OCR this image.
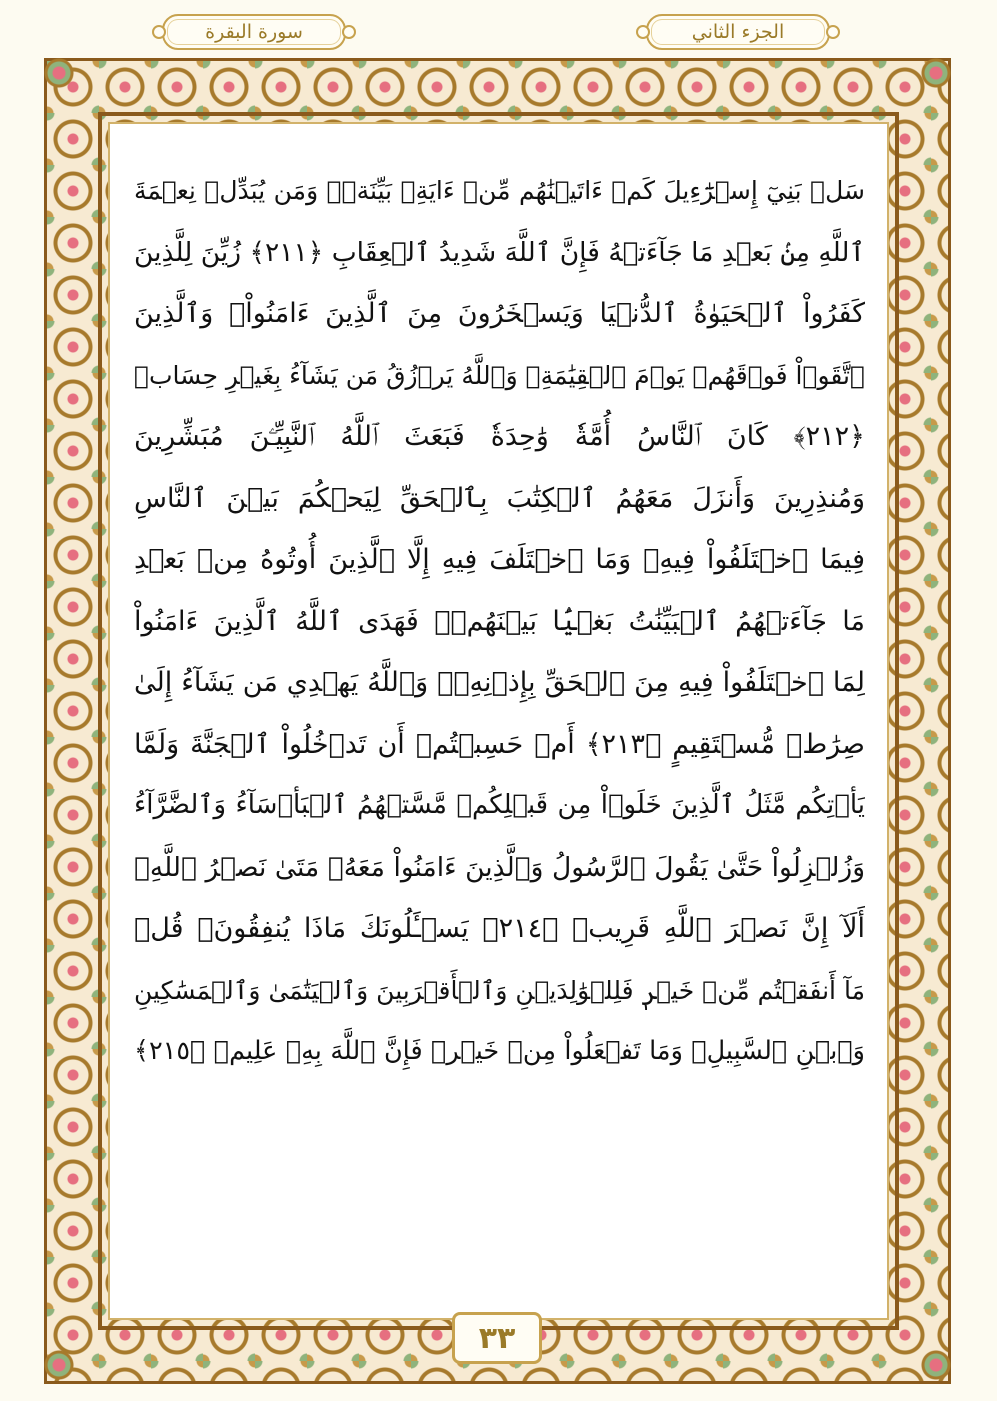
سورة البقرة	الجزء الثاني
سَلۡ بَنِيٓ إِسۡرَٰٓءِيلَ كَمۡ ءَاتَيۡنَٰهُم مِّنۡ ءَايَةِۭ بَيِّنَةٖۗ وَمَن يُبَدِّلۡ نِعۡمَةَ
ٱللَّهِ مِنۢ بَعۡدِ مَا جَآءَتۡهُ فَإِنَّ ٱللَّهَ شَدِيدُ ٱلۡعِقَابِ ﴿٢١١﴾ زُيِّنَ لِلَّذِينَ
كَفَرُواْ ٱلۡحَيَوٰةُ ٱلدُّنۡيَا وَيَسۡخَرُونَ مِنَ ٱلَّذِينَ ءَامَنُواْۘ وَٱلَّذِينَ
ٱتَّقَوۡاْ فَوۡقَهُمۡ يَوۡمَ ٱلۡقِيَٰمَةِۗ وَٱللَّهُ يَرۡزُقُ مَن يَشَآءُ بِغَيۡرِ حِسَابٖ
﴿٢١٢﴾ كَانَ ٱلنَّاسُ أُمَّةٗ وَٰحِدَةٗ فَبَعَثَ ٱللَّهُ ٱلنَّبِيِّـۧنَ مُبَشِّرِينَ
وَمُنذِرِينَ وَأَنزَلَ مَعَهُمُ ٱلۡكِتَٰبَ بِٱلۡحَقِّ لِيَحۡكُمَ بَيۡنَ ٱلنَّاسِ
فِيمَا ٱخۡتَلَفُواْ فِيهِۚ وَمَا ٱخۡتَلَفَ فِيهِ إِلَّا ٱلَّذِينَ أُوتُوهُ مِنۢ بَعۡدِ
مَا جَآءَتۡهُمُ ٱلۡبَيِّنَٰتُ بَغۡيَۢا بَيۡنَهُمۡۖ فَهَدَى ٱللَّهُ ٱلَّذِينَ ءَامَنُواْ
لِمَا ٱخۡتَلَفُواْ فِيهِ مِنَ ٱلۡحَقِّ بِإِذۡنِهِۦۗ وَٱللَّهُ يَهۡدِي مَن يَشَآءُ إِلَىٰ
صِرَٰطٖ مُّسۡتَقِيمٍ ﴿٢١٣﴾ أَمۡ حَسِبۡتُمۡ أَن تَدۡخُلُواْ ٱلۡجَنَّةَ وَلَمَّا
يَأۡتِكُم مَّثَلُ ٱلَّذِينَ خَلَوۡاْ مِن قَبۡلِكُمۖ مَّسَّتۡهُمُ ٱلۡبَأۡسَآءُ وَٱلضَّرَّآءُ
وَزُلۡزِلُواْ حَتَّىٰ يَقُولَ ٱلرَّسُولُ وَٱلَّذِينَ ءَامَنُواْ مَعَهُۥ مَتَىٰ نَصۡرُ ٱللَّهِۗ
أَلَآ إِنَّ نَصۡرَ ٱللَّهِ قَرِيبٞ ﴿٢١٤﴾ يَسۡـَٔلُونَكَ مَاذَا يُنفِقُونَۖ قُلۡ
مَآ أَنفَقۡتُم مِّنۡ خَيۡرٖ فَلِلۡوَٰلِدَيۡنِ وَٱلۡأَقۡرَبِينَ وَٱلۡيَتَٰمَىٰ وَٱلۡمَسَٰكِينِ
وَٱبۡنِ ٱلسَّبِيلِۗ وَمَا تَفۡعَلُواْ مِنۡ خَيۡرٖ فَإِنَّ ٱللَّهَ بِهِۦ عَلِيمٞ ﴿٢١٥﴾
٣٣
